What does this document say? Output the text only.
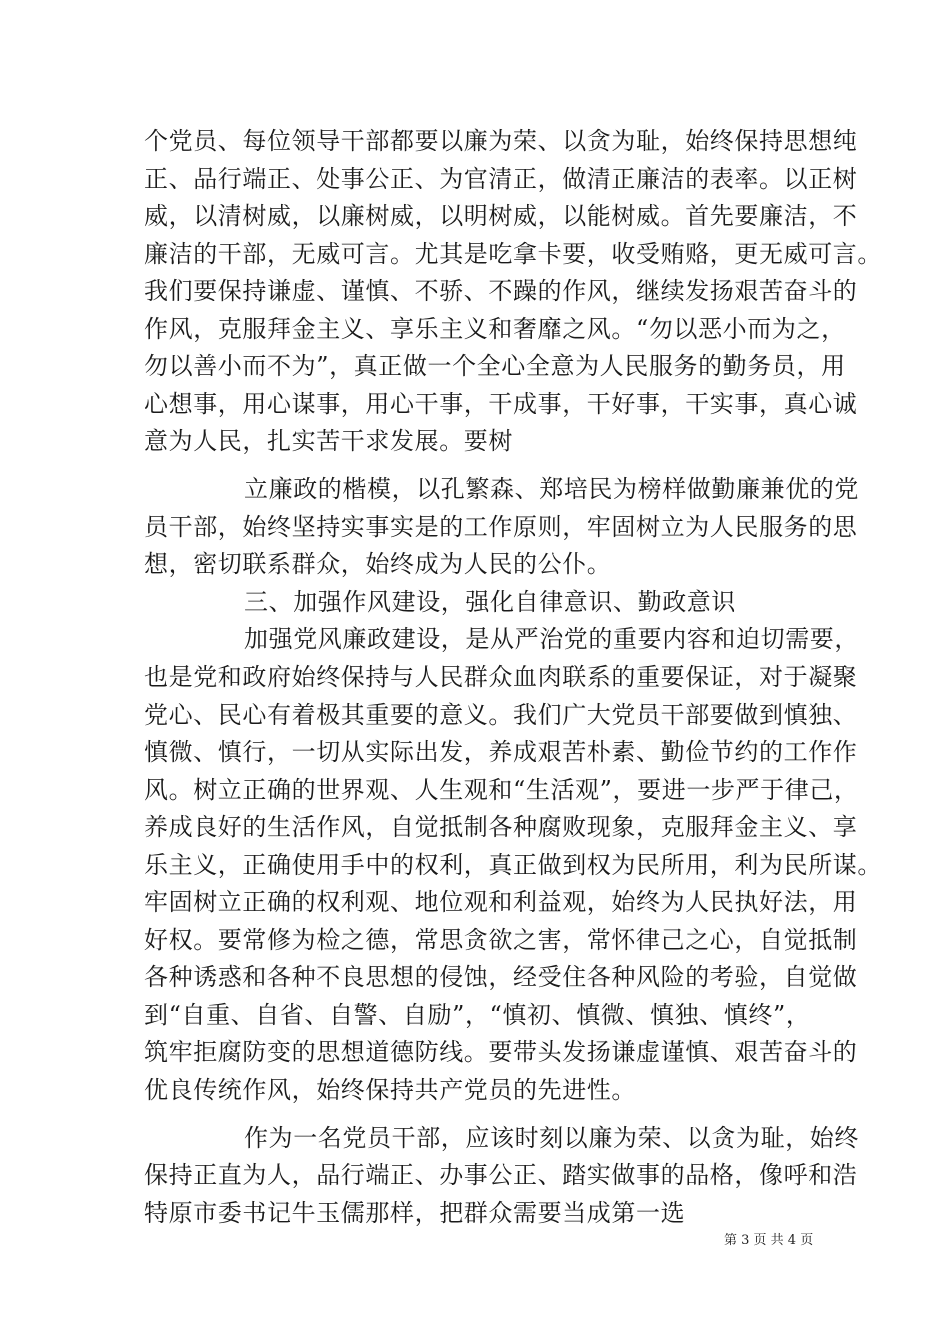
个党员、每位领导干部都要以廉为荣、以贪为耻，始终保持思想纯
正、品行端正、处事公正、为官清正，做清正廉洁的表率。以正树
威，以清树威，以廉树威，以明树威，以能树威。首先要廉洁，不
廉洁的干部，无威可言。尤其是吃拿卡要，收受贿赂，更无威可言。
我们要保持谦虚、谨慎、不骄、不躁的作风，继续发扬艰苦奋斗的
作风，克服拜金主义、享乐主义和奢靡之风。“勿以恶小而为之，
勿以善小而不为”，真正做一个全心全意为人民服务的勤务员，用
心想事，用心谋事，用心干事，干成事，干好事，干实事，真心诚
意为人民，扎实苦干求发展。要树
立廉政的楷模，以孔繁森、郑培民为榜样做勤廉兼优的党
员干部，始终坚持实事实是的工作原则，牢固树立为人民服务的思
想，密切联系群众，始终成为人民的公仆。
三、加强作风建设，强化自律意识、勤政意识
加强党风廉政建设，是从严治党的重要内容和迫切需要，
也是党和政府始终保持与人民群众血肉联系的重要保证，对于凝聚
党心、民心有着极其重要的意义。我们广大党员干部要做到慎独、
慎微、慎行，一切从实际出发，养成艰苦朴素、勤俭节约的工作作
风。树立正确的世界观、人生观和“生活观”，要进一步严于律己，
养成良好的生活作风，自觉抵制各种腐败现象，克服拜金主义、享
乐主义，正确使用手中的权利，真正做到权为民所用，利为民所谋。
牢固树立正确的权利观、地位观和利益观，始终为人民执好法，用
好权。要常修为检之德，常思贪欲之害，常怀律己之心，自觉抵制
各种诱惑和各种不良思想的侵蚀，经受住各种风险的考验，自觉做
到“自重、自省、自警、自励”，“慎初、慎微、慎独、慎终”，
筑牢拒腐防变的思想道德防线。要带头发扬谦虚谨慎、艰苦奋斗的
优良传统作风，始终保持共产党员的先进性。
作为一名党员干部，应该时刻以廉为荣、以贪为耻，始终
保持正直为人，品行端正、办事公正、踏实做事的品格，像呼和浩
特原市委书记牛玉儒那样，把群众需要当成第一选
第 3 页 共 4 页
